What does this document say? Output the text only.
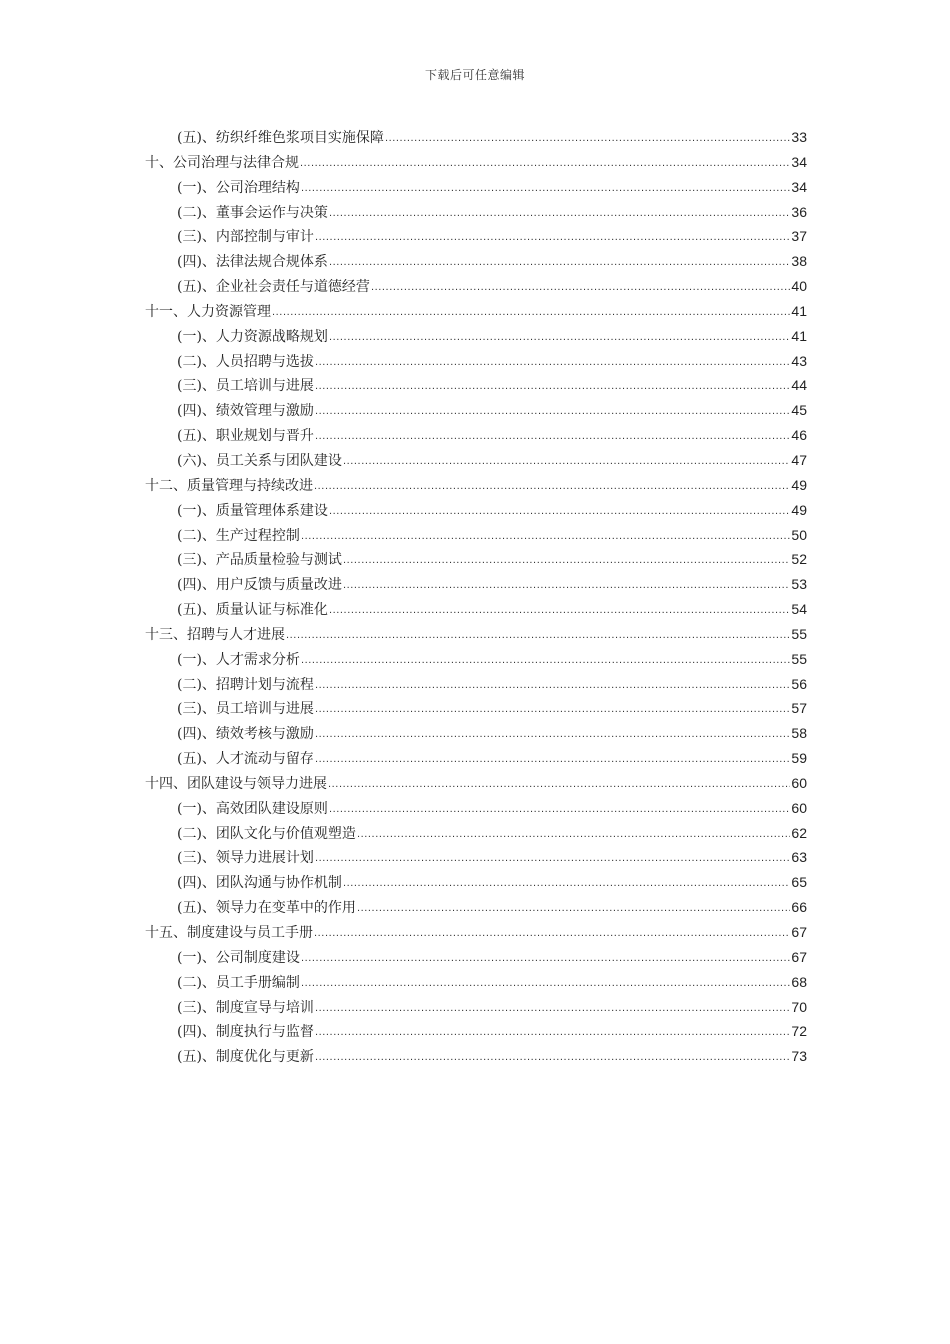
下载后可任意编辑
(五)、纺织纤维色浆项目实施保障 .....	33
十、公司治理与法律合规 .....	34
(一)、公司治理结构 .....	34
(二)、董事会运作与决策 .....	36
(三)、内部控制与审计 .....	37
(四)、法律法规合规体系 .....	38
(五)、企业社会责任与道德经营 .....	40
十一、人力资源管理 .....	41
(一)、人力资源战略规划 .....	41
(二)、人员招聘与选拔 .....	43
(三)、员工培训与进展 .....	44
(四)、绩效管理与激励 .....	45
(五)、职业规划与晋升 .....	46
(六)、员工关系与团队建设 .....	47
十二、质量管理与持续改进 .....	49
(一)、质量管理体系建设 .....	49
(二)、生产过程控制 .....	50
(三)、产品质量检验与测试 .....	52
(四)、用户反馈与质量改进 .....	53
(五)、质量认证与标准化 .....	54
十三、招聘与人才进展 .....	55
(一)、人才需求分析 .....	55
(二)、招聘计划与流程 .....	56
(三)、员工培训与进展 .....	57
(四)、绩效考核与激励 .....	58
(五)、人才流动与留存 .....	59
十四、团队建设与领导力进展 .....	60
(一)、高效团队建设原则 .....	60
(二)、团队文化与价值观塑造 .....	62
(三)、领导力进展计划 .....	63
(四)、团队沟通与协作机制 .....	65
(五)、领导力在变革中的作用 .....	66
十五、制度建设与员工手册 .....	67
(一)、公司制度建设 .....	67
(二)、员工手册编制 .....	68
(三)、制度宣导与培训 .....	70
(四)、制度执行与监督 .....	72
(五)、制度优化与更新 .....	73
